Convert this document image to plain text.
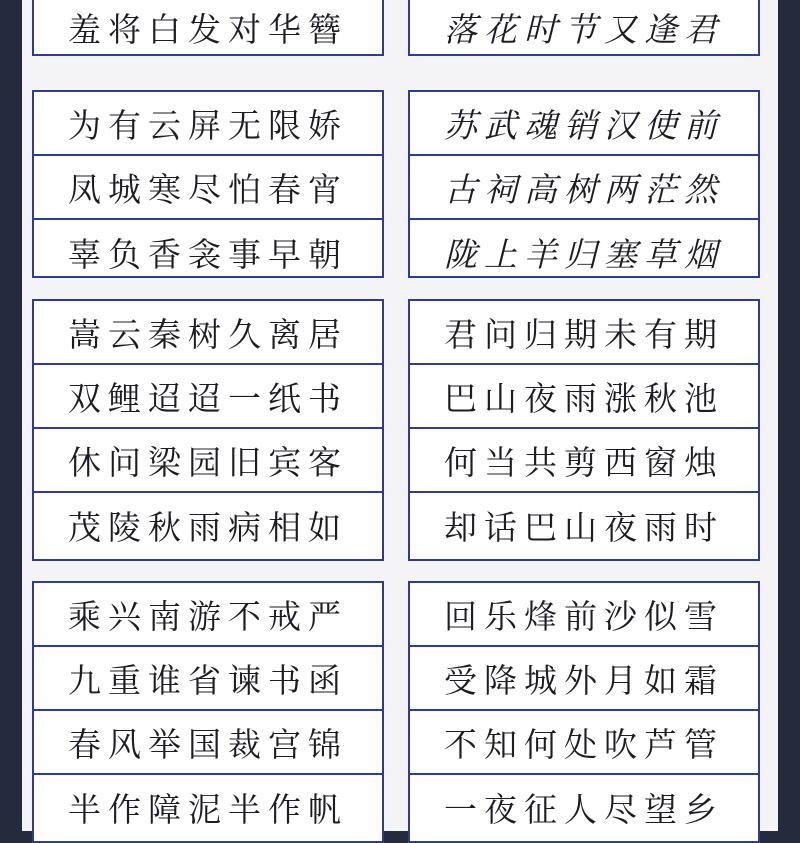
羞将白发对华簪
为有云屏无限娇
凤城寒尽怕春宵
辜负香衾事早朝
嵩云秦树久离居
双鲤迢迢一纸书
休问梁园旧宾客
茂陵秋雨病相如
乘兴南游不戒严
九重谁省谏书函
春风举国裁宫锦
半作障泥半作帆
落花时节又逢君
苏武魂销汉使前
古祠高树两茫然
陇上羊归塞草烟
君问归期未有期
巴山夜雨涨秋池
何当共剪西窗烛
却话巴山夜雨时
回乐烽前沙似雪
受降城外月如霜
不知何处吹芦管
一夜征人尽望乡
